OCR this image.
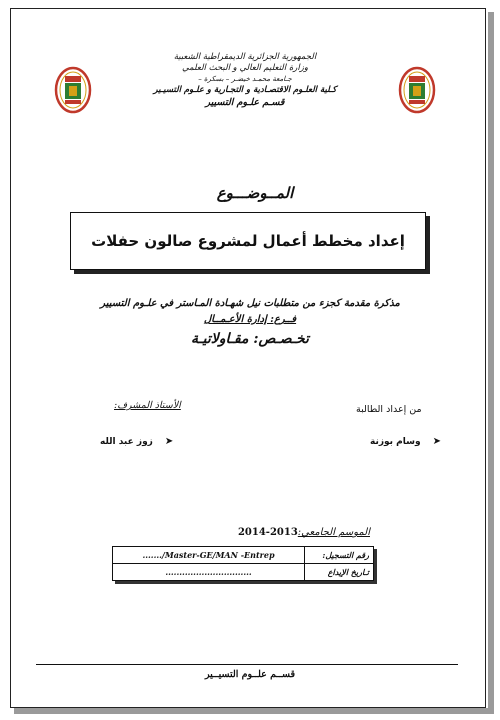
الجمهورية الجزائرية الديمقراطية الشعبية
وزارة التعليم العالي و البحث العلمي
جـامعة محمـد خيضـر – بسكرة –
كـلية العلـوم الاقتصـادية و التجـارية و علـوم التسيـير
قسـم علـوم التسيير
المــوضـــوع
إعداد مخطط أعمال لمشروع صالون حفلات
مذكرة مقدمة كجزء من متطلبات نيل شهـادة المـاستر في علـوم التسيير
فــرع: إدارة الأعـمــال
تخـصـص: مقـاولاتيـة
الأستاذ المشرف:	من إعداد الطالبة
➤
وسام بوزنة
➤
زوز عبد الله
الموسم الجامعي:2013-2014
رقم التسجيل:	......./Master-GE/MAN -Entrep
تـاريخ الإيداع	...............................
قســم علــوم التسيــير
